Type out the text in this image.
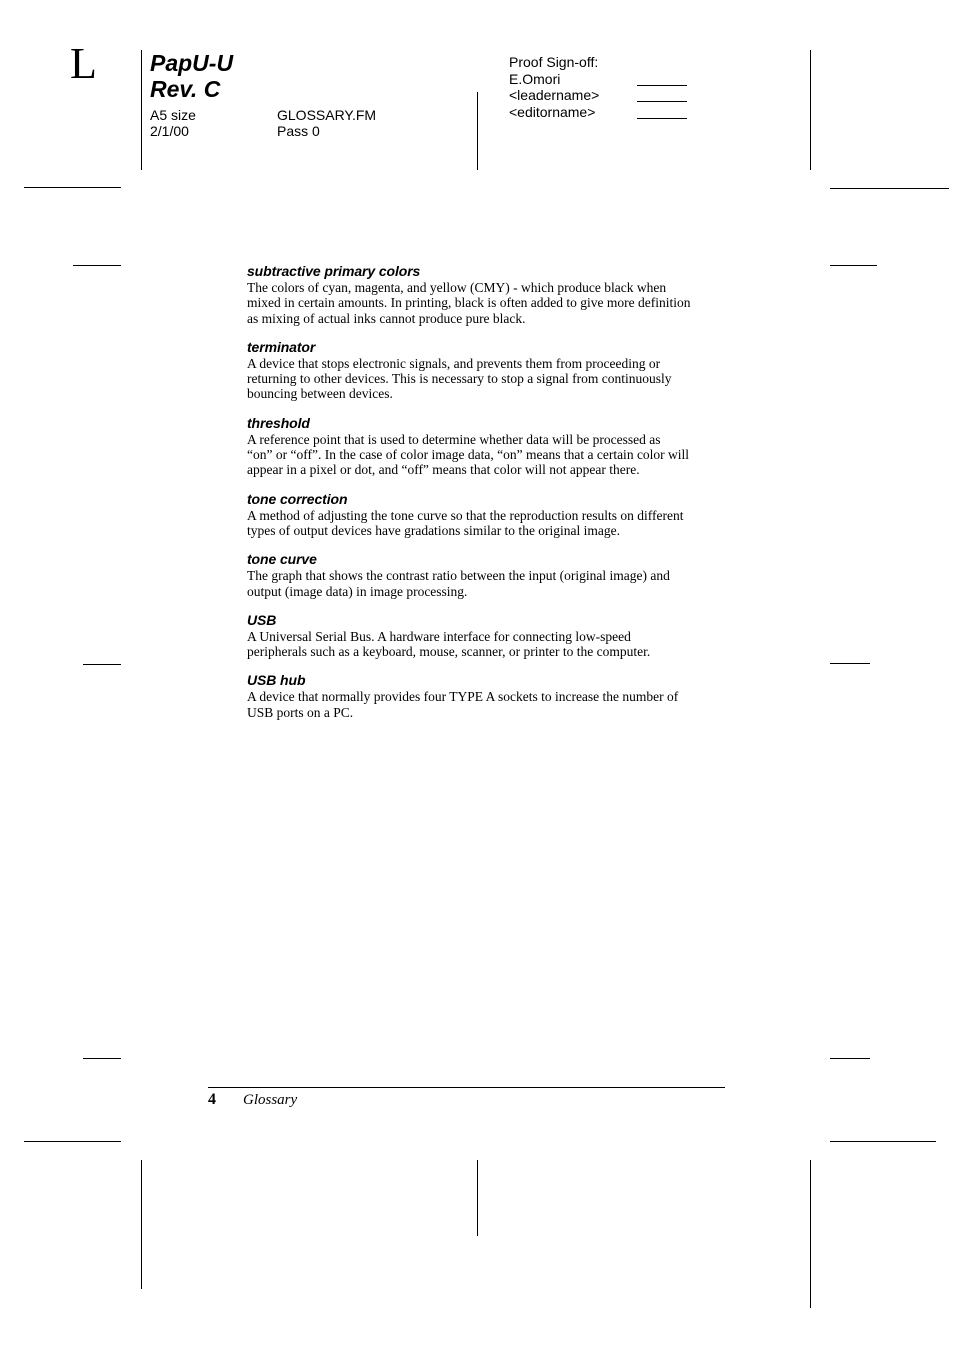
L PapU-U
Rev. C
A5 size
2/1/00
GLOSSARY.FM
Pass 0
Proof Sign-off:
E.Omori
<leadername>
<editorname>
subtractive primary colors

The colors of cyan, magenta, and yellow (CMY) - which produce black when
mixed in certain amounts. In printing, black is often added to give more definition
as mixing of actual inks cannot produce pure black.

terminator

A device that stops electronic signals, and prevents them from proceeding or
returning to other devices. This is necessary to stop a signal from continuously
bouncing between devices.

threshold

A reference point that is used to determine whether data will be processed as
“on” or “off”. In the case of color image data, “on” means that a certain color will
appear in a pixel or dot, and “off” means that color will not appear there.

tone correction

A method of adjusting the tone curve so that the reproduction results on different
types of output devices have gradations similar to the original image.

tone curve

The graph that shows the contrast ratio between the input (original image) and
output (image data) in image processing.

USB

A Universal Serial Bus. A hardware interface for connecting low-speed
peripherals such as a keyboard, mouse, scanner, or printer to the computer.

USB hub

A device that normally provides four TYPE A sockets to increase the number of
USB ports on a PC.

4 Glossary
